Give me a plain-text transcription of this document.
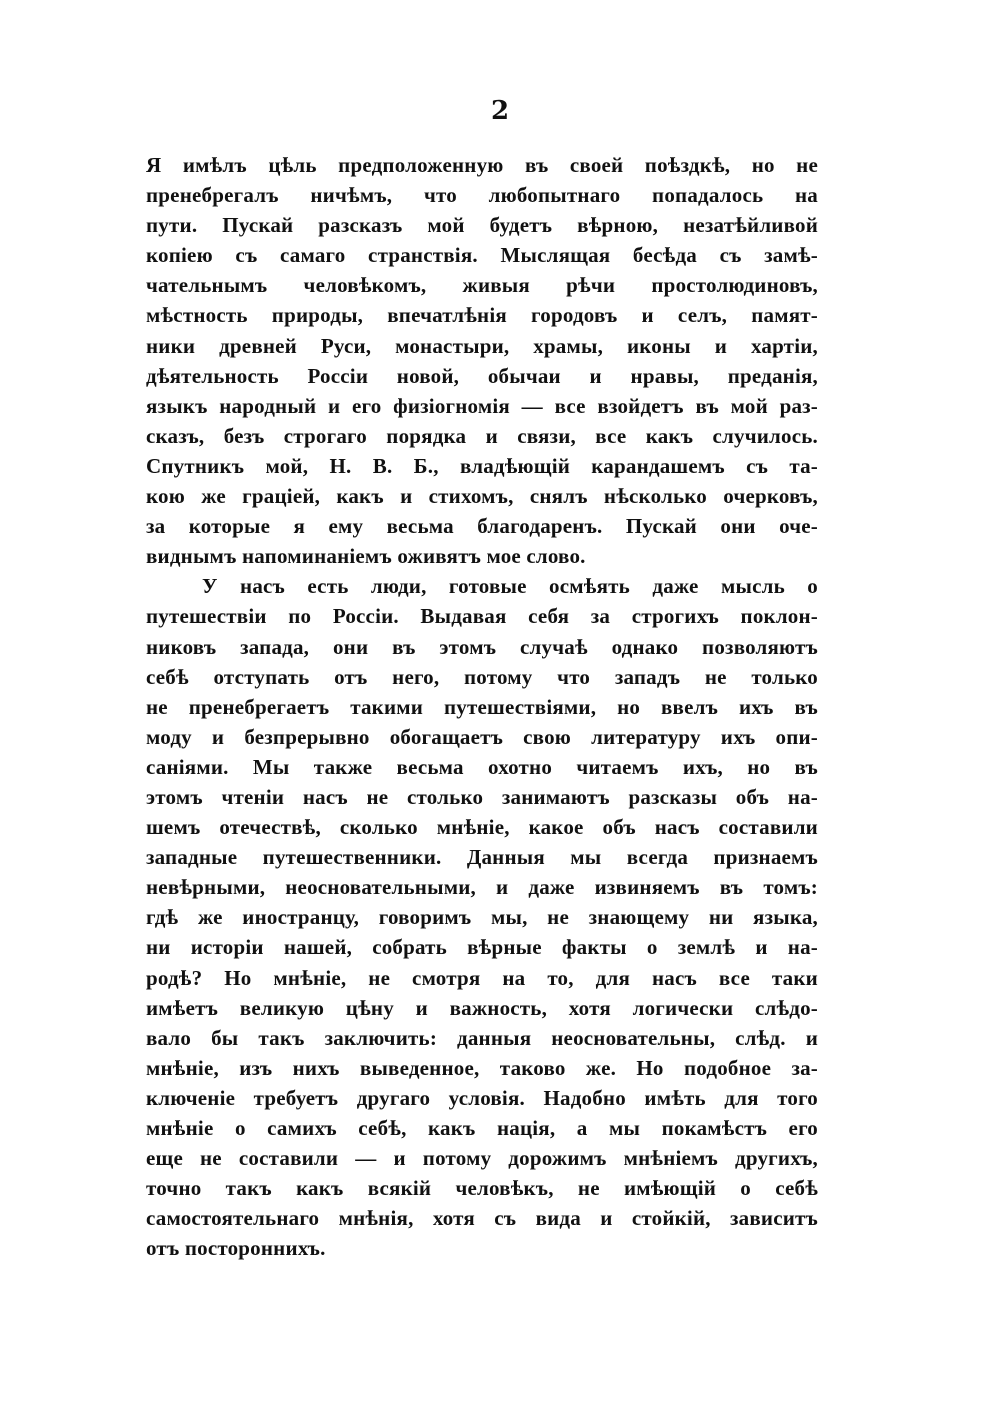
2
Я имѣлъ цѣль предположенную въ своей поѣздкѣ, но не
пренебрегалъ ничѣмъ, что любопытнаго попадалось на
пути. Пускай разсказъ мой будетъ вѣрною, незатѣйливой
копiею съ самаго странствiя. Мыслящая бесѣда съ замѣ-
чательнымъ человѣкомъ, живыя рѣчи простолюдиновъ,
мѣстность природы, впечатлѣнiя городовъ и селъ, памят-
ники древней Руси, монастыри, храмы, иконы и хартiи,
дѣятельность Россiи новой, обычаи и нравы, преданiя,
языкъ народный и его физiогномiя — все взойдетъ въ мой раз-
сказъ, безъ строгаго порядка и связи, все какъ случилось.
Спутникъ мой, Н. В. Б., владѣющiй карандашемъ съ та-
кою же грацiей, какъ и стихомъ, снялъ нѣсколько очерковъ,
за которые я ему весьма благодаренъ. Пускай они оче-
виднымъ напоминанiемъ оживятъ мое слово.
У насъ есть люди, готовые осмѣять даже мысль о
путешествiи по Россiи. Выдавая себя за строгихъ поклон-
никовъ запада, они въ этомъ случаѣ однако позволяютъ
себѣ отступать отъ него, потому что западъ не только
не пренебрегаетъ такими путешествiями, но ввелъ ихъ въ
моду и безпрерывно обогащаетъ свою литературу ихъ опи-
санiями. Мы также весьма охотно читаемъ ихъ, но въ
этомъ чтенiи насъ не столько занимаютъ разсказы объ на-
шемъ отечествѣ, сколько мнѣнiе, какое объ насъ составили
западные путешественники. Данныя мы всегда признаемъ
невѣрными, неосновательными, и даже извиняемъ въ томъ:
гдѣ же иностранцу, говоримъ мы, не знающему ни языка,
ни исторiи нашей, собрать вѣрные факты о землѣ и на-
родѣ? Но мнѣнiе, не смотря на то, для насъ все таки
имѣетъ великую цѣну и важность, хотя логически слѣдо-
вало бы такъ заключить: данныя неосновательны, слѣд. и
мнѣнiе, изъ нихъ выведенное, таково же. Но подобное за-
ключенiе требуетъ другаго условiя. Надобно имѣть для того
мнѣнiе о самихъ себѣ, какъ нацiя, а мы покамѣстъ его
еще не составили — и потому дорожимъ мнѣнiемъ другихъ,
точно такъ какъ всякiй человѣкъ, не имѣющiй о себѣ
самостоятельнаго мнѣнiя, хотя съ вида и стойкiй, зависитъ
отъ постороннихъ.
